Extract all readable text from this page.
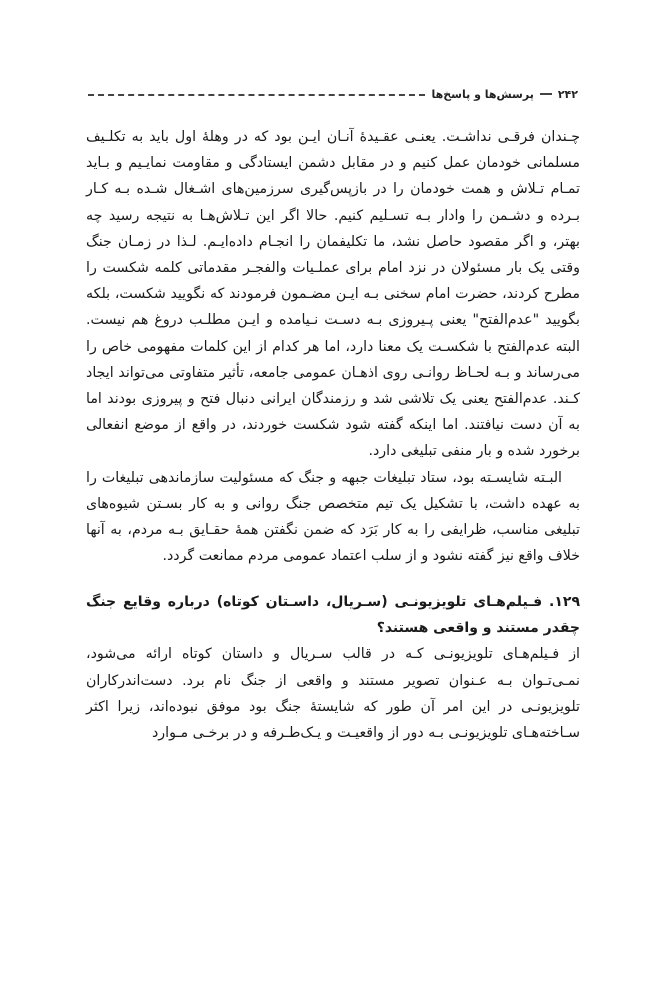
۲۴۲
پرسش‌ها و پاسخ‌ها

چـندان فرقـی نداشـت. یعنـی عقـیدهٔ آنـان ایـن بود که در وهلهٔ اول باید به تکلـیف مسلمانی خودمان عمل کنیم و در مقابل دشمن ایستادگی و مقاومت نمایـیم و بـاید تمـام تـلاش و همت خودمان را در بازپس‌گیری سرزمین‌های اشـغال شـده بـه کـار بـرده و دشـمن را وادار بـه تسـلیم کنیم. حالا اگر این تـلاش‌هـا به نتیجه رسید چه بهتر، و اگر مقصود حاصل نشد، ما تکلیفمان را انجـام داده‌ایـم. لـذا در زمـان جنگ وقتی یک بار مسئولان در نزد امام برای عملـیات والفجـر مقدماتی کلمه شکست را مطرح کردند، حضرت امام سخنی بـه ایـن مضـمون فرمودند که نگویید شکست، بلکه بگویید "عدم‌الفتح" یعنی پـیروزی بـه دسـت نـیامده و ایـن مطلـب دروغ هم نیست. البته عدم‌الفتح با شکسـت یک معنا دارد، اما هر کدام از این کلمات مفهومی خاص را می‌رساند و بـه لحـاظ روانـی روی اذهـان عمومی جامعه، تأثیر متفاوتی می‌تواند ایجاد کـند. عدم‌الفتح یعنی یک تلاشی شد و رزمندگان ایرانی دنبال فتح و پیروزی بودند اما به آن دست نیافتند. اما اینکه گفته شود شکست خوردند، در واقع از موضع انفعالی برخورد شده و بار منفی تبلیغی دارد.

البـته شایسـته بود، ستاد تبلیغات جبهه و جنگ که مسئولیت سازماندهی تبلیغات را به عهده داشت، با تشکیل یک تیم متخصص جنگ روانی و به کار بسـتن شیوه‌های تبلیغی مناسب، ظرایفی را به کار بَرَد که ضمن نگفتن همهٔ حقـایق بـه مردم، به آنها خلاف واقع نیز گفته نشود و از سلب اعتماد عمومی مردم ممانعت گردد.

۱۲۹. فـیلم‌هـای تلویزیونـی (سـریال، داسـتان کوتاه) درباره وقایع جنگ چقدر مستند و واقعی هستند؟

از فـیلم‌هـای تلویزیونـی کـه در قالب سـریال و داستان کوتاه ارائه می‌شود، نمـی‌تـوان بـه عـنوان تصویر مستند و واقعی از جنگ نام برد. دست‌اندرکاران تلویزیونـی در این امر آن طور که شایستهٔ جنگ بود موفق نبوده‌اند، زیرا اکثر سـاخته‌هـای تلویزیونـی بـه دور از واقعیـت و یـک‌طـرفه و در برخـی مـوارد
